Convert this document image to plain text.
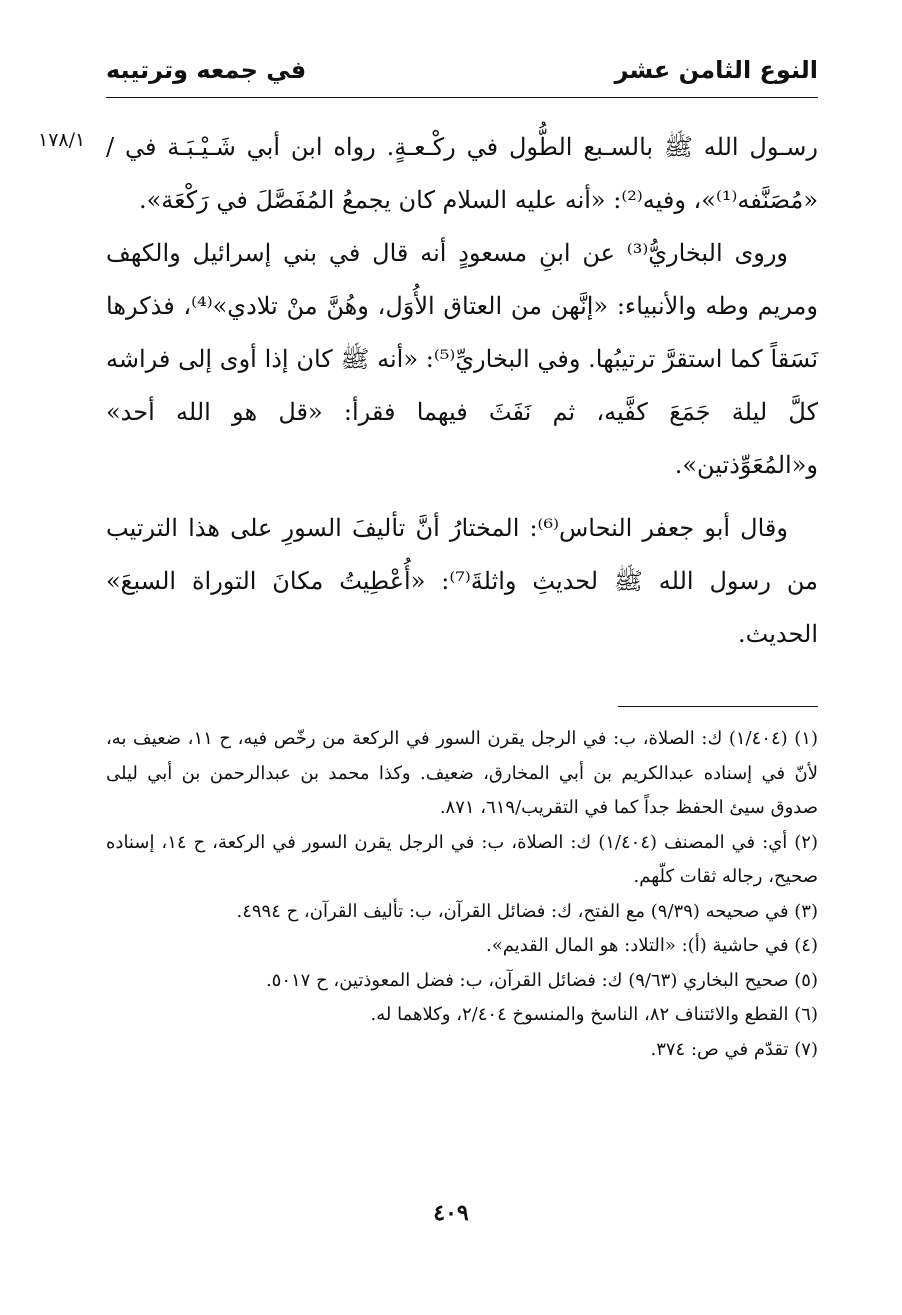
النوع الثامن عشر
في جمعه وترتيبه
١٧٨/١ رسـول الله ﷺ بالسـبع الطُّول في ركْـعـةٍ. رواه ابن أبي شَـيْـبَـة في / «مُصَنَّفه⁽¹⁾»، وفيه⁽²⁾: «أنه عليه السلام كان يجمعُ المُفَصَّلَ في رَكْعَة».

وروى البخاريُّ⁽³⁾ عن ابنِ مسعودٍ أنه قال في بني إسرائيل والكهف ومريم وطه والأنبياء: «إنَّهن من العتاق الأُوَل، وهُنَّ منْ تلادي»⁽⁴⁾، فذكرها نَسَقاً كما استقرَّ ترتيبُها. وفي البخاريِّ⁽⁵⁾: «أنه ﷺ كان إذا أوى إلى فراشه كلَّ ليلة جَمَعَ كفَّيه، ثم نَفَثَ فيهما فقرأ: «قل هو الله أحد» و«المُعَوِّذتين».

وقال أبو جعفر النحاس⁽⁶⁾: المختارُ أنَّ تأليفَ السورِ على هذا الترتيب من رسول الله ﷺ لحديثِ واثلةَ⁽⁷⁾: «أُعْطِيتُ مكانَ التوراة السبعَ» الحديث.

(١) (١/٤٠٤) ك: الصلاة، ب: في الرجل يقرن السور في الركعة من رخّص فيه، ح ١١، ضعيف به، لأنّ في إسناده عبدالكريم بن أبي المخارق، ضعيف. وكذا محمد بن عبدالرحمن بن أبي ليلى صدوق سيئ الحفظ جداً كما في التقريب/٦١٩، ٨٧١.

(٢) أي: في المصنف (١/٤٠٤) ك: الصلاة، ب: في الرجل يقرن السور في الركعة، ح ١٤، إسناده صحيح، رجاله ثقات كلّهم.

(٣) في صحيحه (٩/٣٩) مع الفتح، ك: فضائل القرآن، ب: تأليف القرآن، ح ٤٩٩٤.

(٤) في حاشية (أ): «التلاد: هو المال القديم».

(٥) صحيح البخاري (٩/٦٣) ك: فضائل القرآن، ب: فضل المعوذتين، ح ٥٠١٧.

(٦) القطع والائتناف ٨٢، الناسخ والمنسوخ ٢/٤٠٤، وكلاهما له.

(٧) تقدّم في ص: ٣٧٤.

٤٠٩
